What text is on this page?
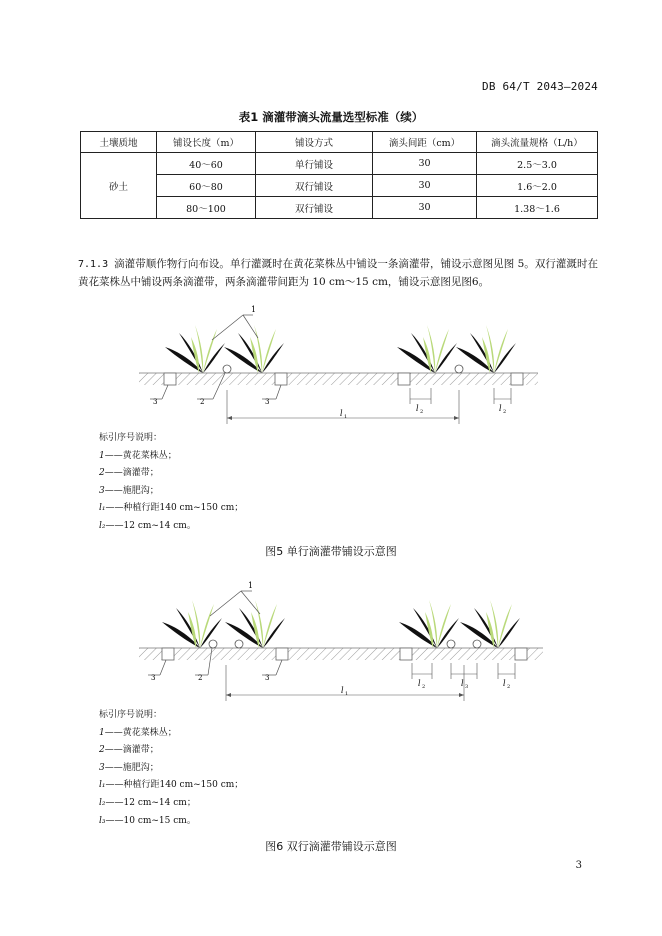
DB 64/T 2043—2024
表1 滴灌带滴头流量选型标准（续）
土壤质地	铺设长度（m）	铺设方式	滴头间距（cm）	滴头流量规格（L/h）
砂土	40～60	单行铺设	30	2.5～3.0
	60～80	双行铺设	30	1.6～2.0
	80～100	双行铺设	30	1.38～1.6
7.1.3 滴灌带顺作物行向布设。单行灌溉时在黄花菜株丛中铺设一条滴灌带，铺设示意图见图 5。双行灌溉时在黄花菜株丛中铺设两条滴灌带，两条滴灌带间距为 10 cm～15 cm，铺设示意图见图6。
1
3	2	3
l 1
l 2	l 2
标引序号说明：
1——黄花菜株丛；
2——滴灌带；
3——施肥沟；
l₁——种植行距140 cm~150 cm；
l₂——12 cm~14 cm。
图5 单行滴灌带铺设示意图
1
3	2	3
l 1
l 2	l 3	l 2
标引序号说明：
1——黄花菜株丛；
2——滴灌带；
3——施肥沟；
l₁——种植行距140 cm~150 cm；
l₂——12 cm~14 cm；
l₃——10 cm~15 cm。
图6 双行滴灌带铺设示意图
3
